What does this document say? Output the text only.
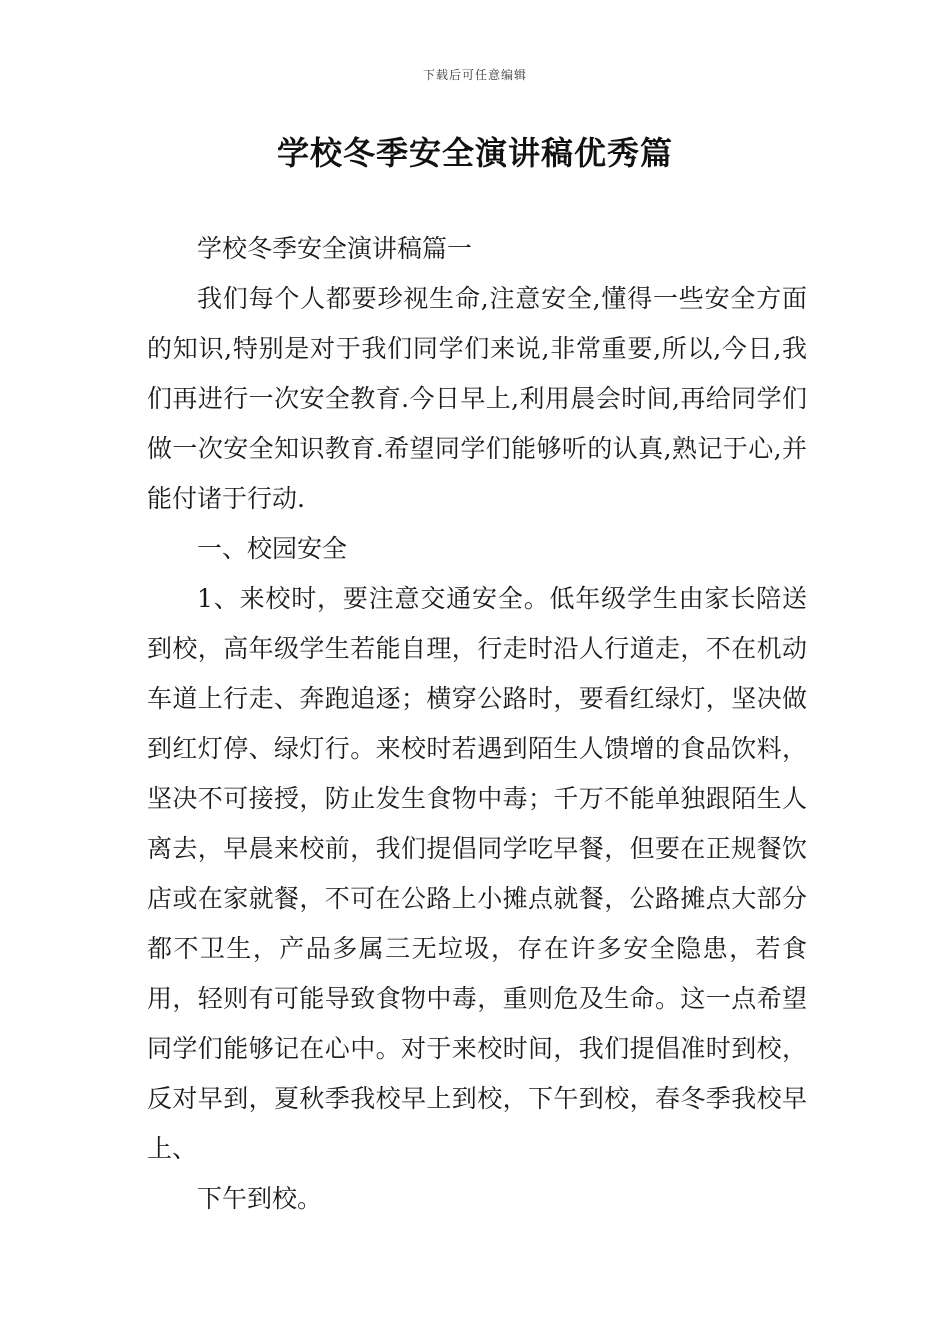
下载后可任意编辑
学校冬季安全演讲稿优秀篇

学校冬季安全演讲稿篇一

我们每个人都要珍视生命,注意安全,懂得一些安全方面的知识,特别是对于我们同学们来说,非常重要,所以,今日,我们再进行一次安全教育.今日早上,利用晨会时间,再给同学们做一次安全知识教育.希望同学们能够听的认真,熟记于心,并能付诸于行动.

一、校园安全

1、来校时，要注意交通安全。低年级学生由家长陪送到校，高年级学生若能自理，行走时沿人行道走，不在机动车道上行走、奔跑追逐；横穿公路时，要看红绿灯，坚决做到红灯停、绿灯行。来校时若遇到陌生人馈增的食品饮料，坚决不可接授，防止发生食物中毒；千万不能单独跟陌生人离去，早晨来校前，我们提倡同学吃早餐，但要在正规餐饮店或在家就餐，不可在公路上小摊点就餐，公路摊点大部分都不卫生，产品多属三无垃圾，存在许多安全隐患，若食用，轻则有可能导致食物中毒，重则危及生命。这一点希望同学们能够记在心中。对于来校时间，我们提倡准时到校，反对早到，夏秋季我校早上到校，下午到校，春冬季我校早上、

下午到校。
